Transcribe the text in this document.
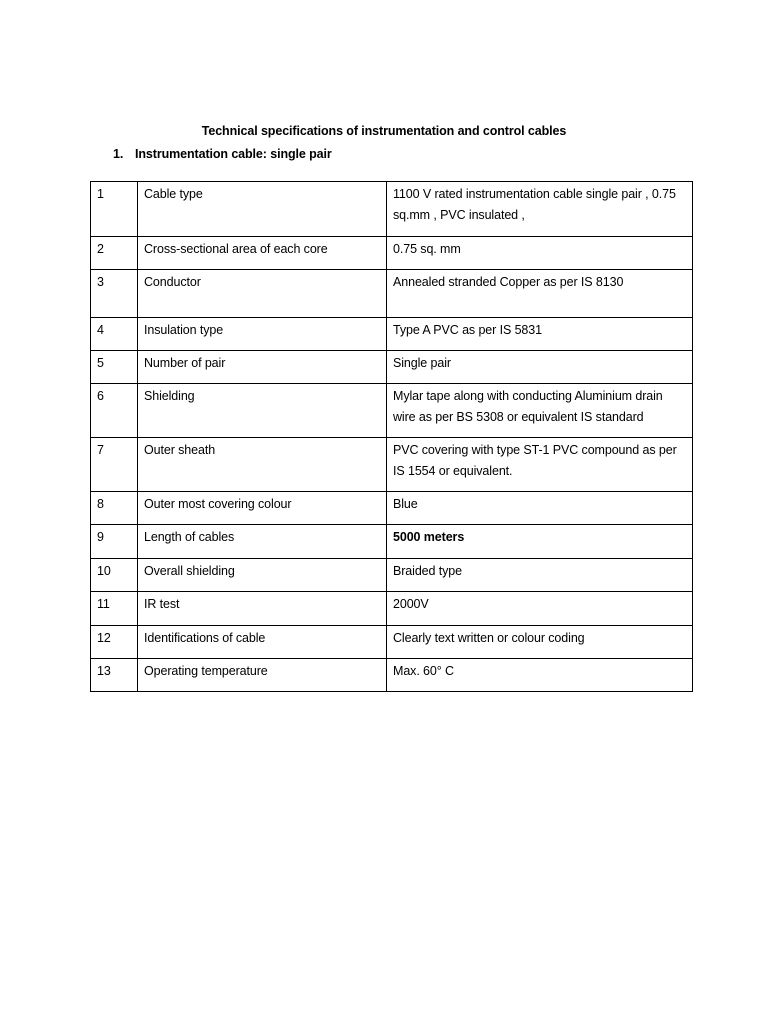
Technical specifications of instrumentation and control cables
1. Instrumentation cable: single pair
1	Cable type	1100 V rated instrumentation cable single pair , 0.75 sq.mm , PVC insulated ,
2	Cross-sectional area of each core	0.75 sq. mm
3	Conductor	Annealed stranded Copper as per IS 8130
4	Insulation type	Type A PVC as per IS 5831
5	Number of pair	Single pair
6	Shielding	Mylar tape along with conducting Aluminium drain wire as per BS 5308 or equivalent IS standard
7	Outer sheath	PVC covering with type ST-1 PVC compound as per IS 1554 or equivalent.
8	Outer most covering colour	Blue
9	Length of cables	5000 meters
10	Overall shielding	Braided type
11	IR test	2000V
12	Identifications of cable	Clearly text written or colour coding
13	Operating temperature	Max. 60° C
